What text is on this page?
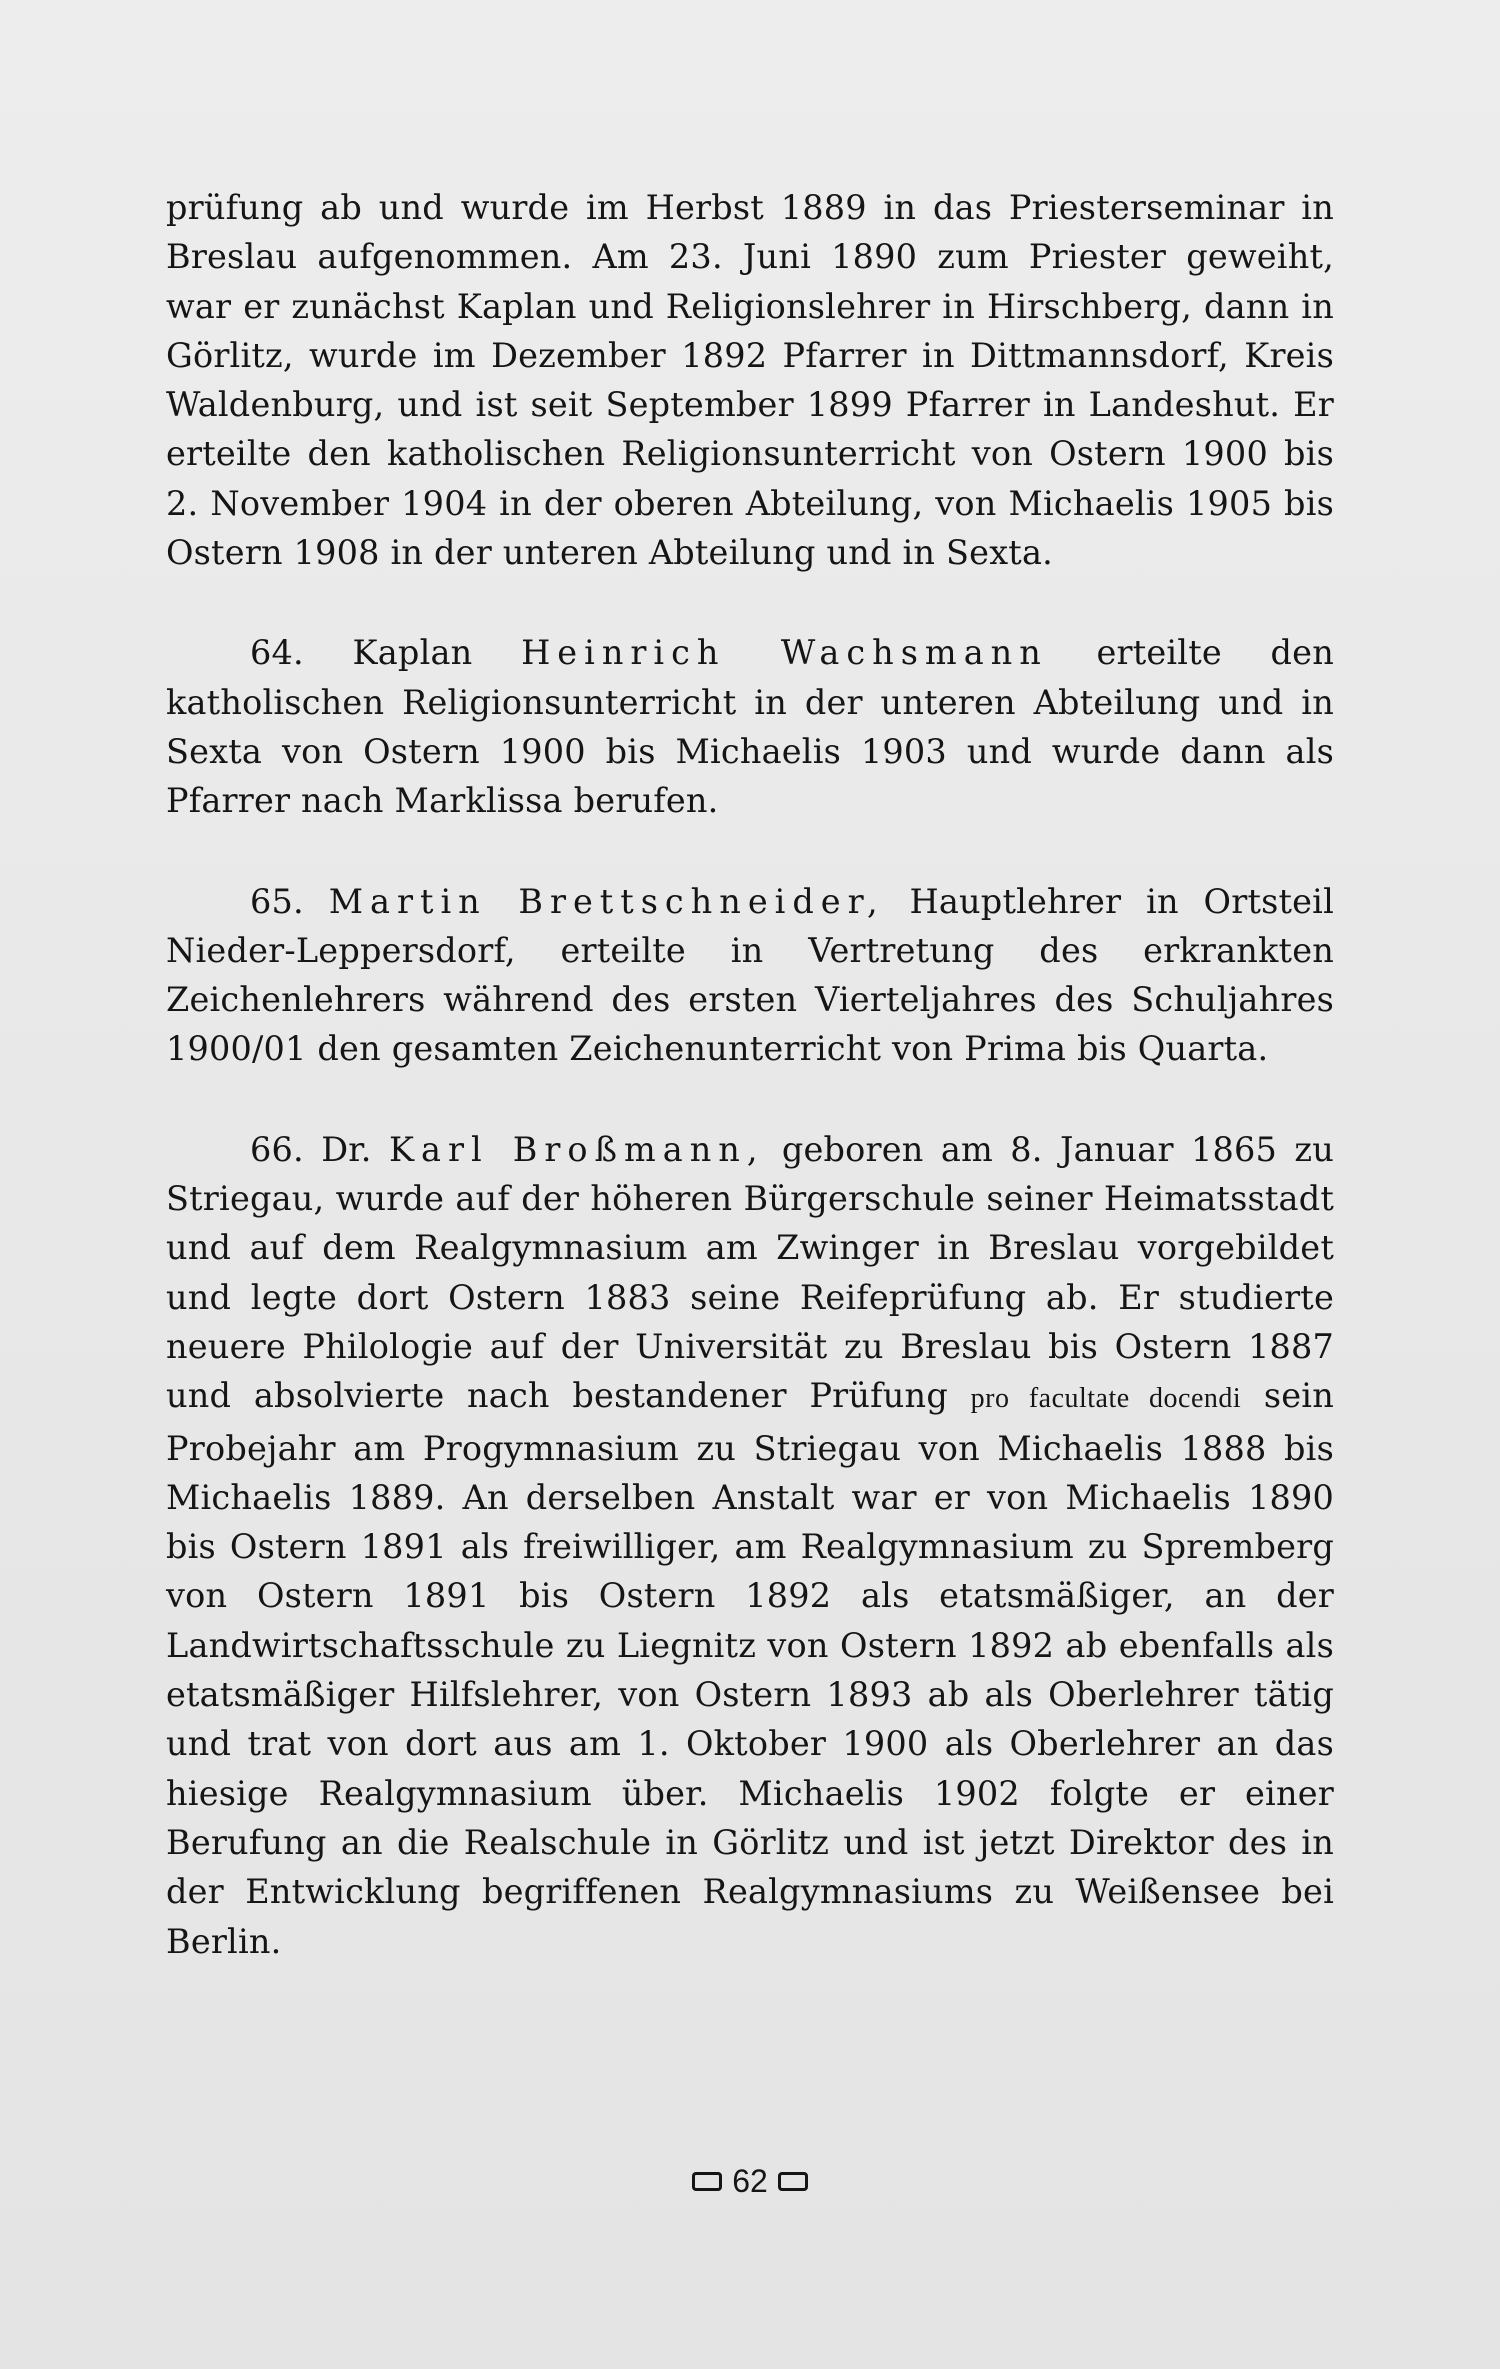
prüfung ab und wurde im Herbst 1889 in das Priesterseminar in Breslau aufgenommen. Am 23. Juni 1890 zum Priester geweiht, war er zunächst Kaplan und Religionslehrer in Hirschberg, dann in Görlitz, wurde im Dezember 1892 Pfarrer in Dittmannsdorf, Kreis Waldenburg, und ist seit September 1899 Pfarrer in Landeshut. Er erteilte den katholischen Religionsunterricht von Ostern 1900 bis 2. November 1904 in der oberen Abteilung, von Michaelis 1905 bis Ostern 1908 in der unteren Abteilung und in Sexta.

64. Kaplan Heinrich Wachsmann erteilte den katholischen Religionsunterricht in der unteren Abteilung und in Sexta von Ostern 1900 bis Michaelis 1903 und wurde dann als Pfarrer nach Marklissa berufen.

65. Martin Brettschneider, Hauptlehrer in Ortsteil Nieder-Leppersdorf, erteilte in Vertretung des erkrankten Zeichenlehrers während des ersten Vierteljahres des Schuljahres 1900/01 den gesamten Zeichenunterricht von Prima bis Quarta.

66. Dr. Karl Broßmann, geboren am 8. Januar 1865 zu Striegau, wurde auf der höheren Bürgerschule seiner Heimatsstadt und auf dem Realgymnasium am Zwinger in Breslau vorgebildet und legte dort Ostern 1883 seine Reifeprüfung ab. Er studierte neuere Philologie auf der Universität zu Breslau bis Ostern 1887 und absolvierte nach bestandener Prüfung pro facultate docendi sein Probejahr am Progymnasium zu Striegau von Michaelis 1888 bis Michaelis 1889. An derselben Anstalt war er von Michaelis 1890 bis Ostern 1891 als freiwilliger, am Realgymnasium zu Spremberg von Ostern 1891 bis Ostern 1892 als etatsmäßiger, an der Landwirtschaftsschule zu Liegnitz von Ostern 1892 ab ebenfalls als etatsmäßiger Hilfslehrer, von Ostern 1893 ab als Oberlehrer tätig und trat von dort aus am 1. Oktober 1900 als Oberlehrer an das hiesige Realgymnasium über. Michaelis 1902 folgte er einer Berufung an die Realschule in Görlitz und ist jetzt Direktor des in der Entwicklung begriffenen Realgymnasiums zu Weißensee bei Berlin.

62
